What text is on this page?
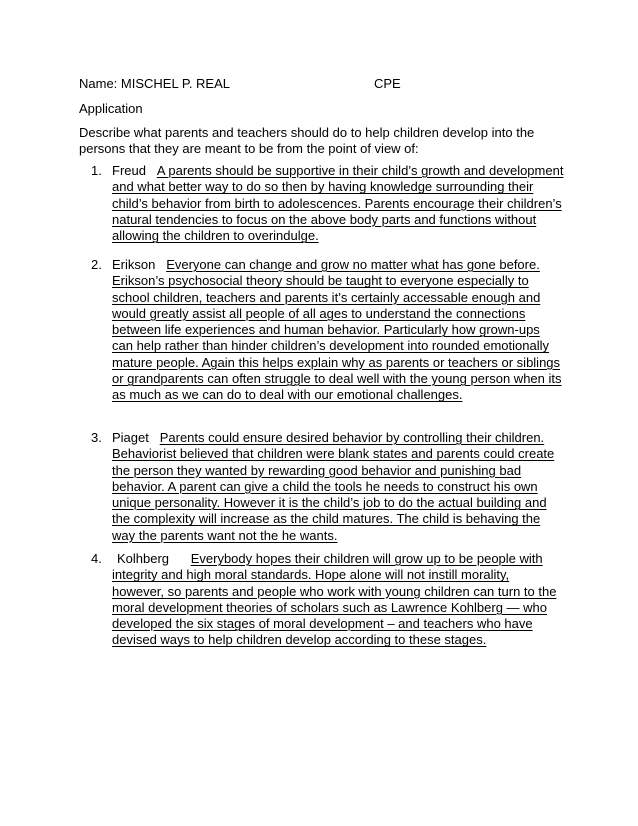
Name: MISCHEL P. REAL	CPE
Application
Describe what parents and teachers should do to help children develop into the persons that they are meant to be from the point of view of:
1. Freud A parents should be supportive in their child’s growth and development and what better way to do so then by having knowledge surrounding their child’s behavior from birth to adolescences. Parents encourage their children’s natural tendencies to focus on the above body parts and functions without allowing the children to overindulge.
2. Erikson Everyone can change and grow no matter what has gone before. Erikson’s psychosocial theory should be taught to everyone especially to school children, teachers and parents it’s certainly accessable enough and would greatly assist all people of all ages to understand the connections between life experiences and human behavior. Particularly how grown-ups can help rather than hinder children’s development into rounded emotionally mature people. Again this helps explain why as parents or teachers or siblings or grandparents can often struggle to deal well with the young person when its as much as we can do to deal with our emotional challenges.
3. Piaget Parents could ensure desired behavior by controlling their children. Behaviorist believed that children were blank states and parents could create the person they wanted by rewarding good behavior and punishing bad behavior. A parent can give a child the tools he needs to construct his own unique personality. However it is the child’s job to do the actual building and the complexity will increase as the child matures. The child is behaving the way the parents want not the he wants.
4.	Kolhberg Everybody hopes their children will grow up to be people with integrity and high moral standards. Hope alone will not instill morality, however, so parents and people who work with young children can turn to the moral development theories of scholars such as Lawrence Kohlberg — who developed the six stages of moral development – and teachers who have devised ways to help children develop according to these stages.
